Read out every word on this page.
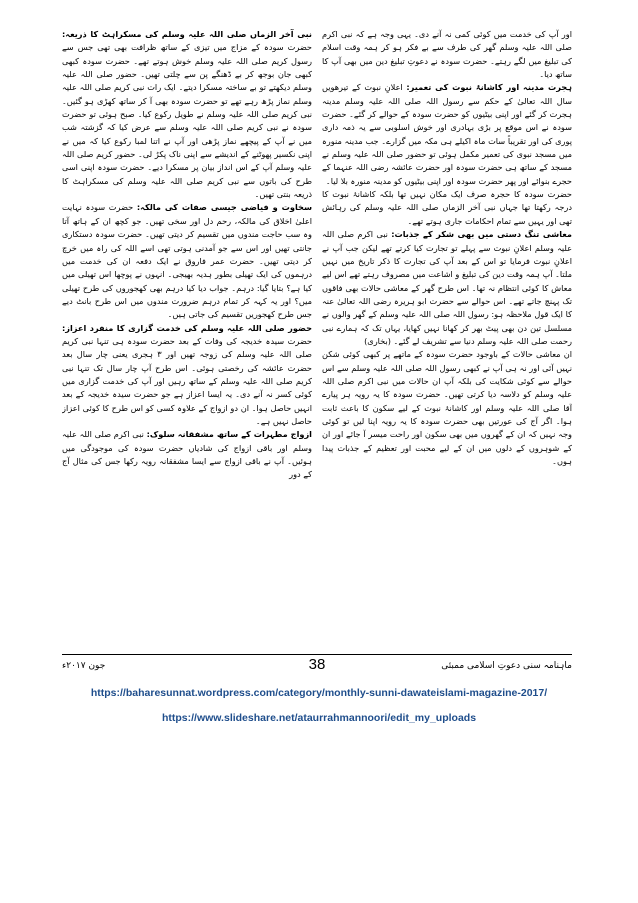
اور آپ کی خدمت میں کوئی کمی نہ آنے دی۔ یہی وجہ ہے کہ نبی اکرم صلی اللہ علیہ وسلم گھر کی طرف سے بے فکر ہو کر ہمہ وقت اسلام کی تبلیغ میں لگے رہتے۔ حضرت سودہ نے دعوتِ تبلیغ دین میں بھی آپ کا ساتھ دیا۔

ہجرت مدینہ اور کاشانۂ نبوت کی تعمیر: اعلانِ نبوت کے تیرھویں سال اللہ تعالیٰ کے حکم سے رسول اللہ صلی اللہ علیہ وسلم مدینہ ہجرت کر گئے اور اپنی بیٹیوں کو حضرت سودہ کے حوالے کر گئے۔ حضرت سودہ نے اس موقع پر بڑی بہادری اور خوش اسلوبی سے یہ ذمہ داری پوری کی اور تقریباً سات ماہ اکیلے ہی مکہ میں گزارے۔ جب مدینہ منورہ میں مسجد نبوی کی تعمیر مکمل ہوئی تو حضور صلی اللہ علیہ وسلم نے مسجد کے ساتھ ہی حضرت سودہ اور حضرت عائشہ رضی اللہ عنہما کے حجرے بنوائے اور پھر حضرت سودہ اور اپنی بیٹیوں کو مدینہ منورہ بلا لیا۔

حضرت سودہ کا حجرہ صرف ایک مکان نہیں تھا بلکہ کاشانۂ نبوت کا درجہ رکھتا تھا جہاں نبی آخر الزماں صلی اللہ علیہ وسلم کی رہائش تھی اور یہیں سے تمام احکامات جاری ہوتے تھے۔

معاشی تنگ دستی میں بھی شکر کے جذبات: نبی اکرم صلی اللہ علیہ وسلم اعلانِ نبوت سے پہلے تو تجارت کیا کرتے تھے لیکن جب آپ نے اعلانِ نبوت فرمایا تو اس کے بعد آپ کی تجارت کا ذکر تاریخ میں نہیں ملتا۔ آپ ہمہ وقت دین کی تبلیغ و اشاعت میں مصروف رہتے تھے اس لیے معاش کا کوئی انتظام نہ تھا۔ اس طرح گھر کے معاشی حالات بھی فاقوں تک پہنچ جاتے تھے۔ اس حوالے سے حضرت ابو ہریرہ رضی اللہ تعالیٰ عنہ کا ایک قول ملاحظہ ہو: رسول اللہ صلی اللہ علیہ وسلم کے گھر والوں نے مسلسل تین دن بھی پیٹ بھر کر کھانا نہیں کھایا، یہاں تک کہ ہمارے نبی رحمت صلی اللہ علیہ وسلم دنیا سے تشریف لے گئے۔ (بخاری)

ان معاشی حالات کے باوجود حضرت سودہ کے ماتھے پر کبھی کوئی شکن نہیں آئی اور نہ ہی آپ نے کبھی رسول اللہ صلی اللہ علیہ وسلم سے اس حوالے سے کوئی شکایت کی بلکہ آپ ان حالات میں نبی اکرم صلی اللہ علیہ وسلم کو دلاسہ دیا کرتی تھیں۔ حضرت سودہ کا یہ رویہ ہر پیارے آقا صلی اللہ علیہ وسلم اور کاشانۂ نبوت کے لیے سکون کا باعث ثابت ہوا۔ اگر آج کی عورتیں بھی حضرت سودہ کا یہ رویہ اپنا لیں تو کوئی وجہ نہیں کہ ان کے گھروں میں بھی سکون اور راحت میسر آ جائے اور ان کے شوہروں کے دلوں میں ان کے لیے محبت اور تعظیم کے جذبات پیدا ہوں۔

نبی آخر الزماں صلی اللہ علیہ وسلم کی مسکراہٹ کا ذریعہ: حضرت سودہ کے مزاج میں تیزی کے ساتھ ظرافت بھی تھی جس سے رسول کریم صلی اللہ علیہ وسلم خوش ہوتے تھے۔ حضرت سودہ کبھی کبھی جان بوجھ کر بے ڈھنگے پن سے چلتی تھیں۔ حضور صلی اللہ علیہ وسلم دیکھتے تو بے ساختہ مسکرا دیتے۔ ایک رات نبی کریم صلی اللہ علیہ وسلم نماز پڑھ رہے تھے تو حضرت سودہ بھی آ کر ساتھ کھڑی ہو گئیں۔ نبی کریم صلی اللہ علیہ وسلم نے طویل رکوع کیا۔ صبح ہوئی تو حضرت سودہ نے نبی کریم صلی اللہ علیہ وسلم سے عرض کیا کہ گزشتہ شب میں نے آپ کے پیچھے نماز پڑھی اور آپ نے اتنا لمبا رکوع کیا کہ میں نے اپنی نکسیر پھوٹنے کے اندیشے سے اپنی ناک پکڑ لی۔ حضور کریم صلی اللہ علیہ وسلم آپ کے اس انداز بیان پر مسکرا دیے۔ حضرت سودہ اپنی اسی طرح کی باتوں سے نبی کریم صلی اللہ علیہ وسلم کی مسکراہٹ کا ذریعہ بنتی تھیں۔

سخاوت و فیاضی جیسی صفات کی مالکہ: حضرت سودہ نہایت اعلیٰ اخلاق کی مالکہ، رحم دل اور سخی تھیں۔ جو کچھ ان کے ہاتھ آتا وہ سب حاجت مندوں میں تقسیم کر دیتی تھیں۔ حضرت سودہ دستکاری جانتی تھیں اور اس سے جو آمدنی ہوتی تھی اسے اللہ کی راہ میں خرچ کر دیتی تھیں۔ حضرت عمر فاروق نے ایک دفعہ ان کی خدمت میں درہموں کی ایک تھیلی بطور ہدیہ بھیجی۔ انہوں نے پوچھا اس تھیلی میں کیا ہے؟ بتایا گیا: درہم۔ جواب دیا کیا درہم بھی کھجوروں کی طرح تھیلی میں؟ اور یہ کہہ کر تمام درہم ضرورت مندوں میں اس طرح بانٹ دیے جس طرح کھجوریں تقسیم کی جاتی ہیں۔

حضور صلی اللہ علیہ وسلم کی خدمت گزاری کا منفرد اعزاز: حضرت سیدہ خدیجہ کی وفات کے بعد حضرت سودہ ہی تنہا نبی کریم صلی اللہ علیہ وسلم کی زوجہ تھیں اور ۳ ہجری یعنی چار سال بعد حضرت عائشہ کی رخصتی ہوئی۔ اس طرح آپ چار سال تک تنہا نبی کریم صلی اللہ علیہ وسلم کے ساتھ رہیں اور آپ کی خدمت گزاری میں کوئی کسر نہ آنے دی۔ یہ ایسا اعزاز ہے جو حضرت سیدہ خدیجہ کے بعد انہیں حاصل ہوا۔ ان دو ازواج کے علاوہ کسی کو اس طرح کا کوئی اعزاز حاصل نہیں ہے۔

ازواج مطہرات کے ساتھ مشفقانہ سلوک: نبی اکرم صلی اللہ علیہ وسلم اور باقی ازواج کی شادیاں حضرت سودہ کی موجودگی میں ہوئیں۔ آپ نے باقی ازواج سے ایسا مشفقانہ رویہ رکھا جس کی مثال آج کے دور

ماہنامہ سنی دعوتِ اسلامی ممبئی
38
جون ۲۰۱۷ء
https://baharesunnat.wordpress.com/category/monthly-sunni-dawateislami-magazine-2017/
https://www.slideshare.net/ataurrahmannoori/edit_my_uploads
